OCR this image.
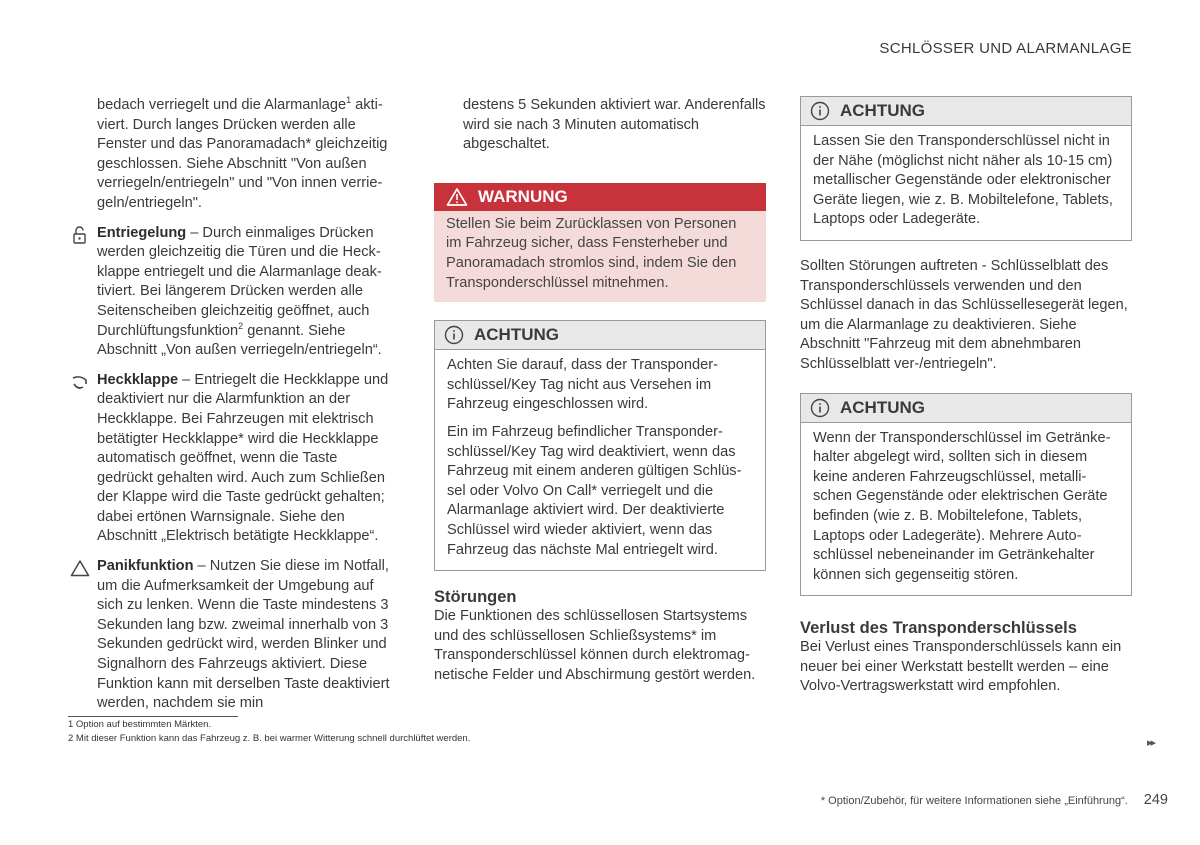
SCHLÖSSER UND ALARMANLAGE

bedach verriegelt und die Alarmanlage$^1$ aktiviert. Durch langes Drücken werden alle Fenster und das Panoramadach* gleichzeitig geschlossen. Siehe Abschnitt "Von außen verriegeln/entriegeln" und "Von innen verriegeln/entriegeln".

Entriegelung – Durch einmaliges Drücken werden gleichzeitig die Türen und die Heckklappe entriegelt und die Alarmanlage deaktiviert. Bei längerem Drücken werden alle Seitenscheiben gleichzeitig geöffnet, auch Durchlüftungsfunktion$^2$ genannt. Siehe Abschnitt „Von außen verriegeln/entriegeln“.
Heckklappe – Entriegelt die Heckklappe und deaktiviert nur die Alarmfunktion an der Heckklappe. Bei Fahrzeugen mit elektrisch betätigter Heckklappe* wird die Heckklappe automatisch geöffnet, wenn die Taste gedrückt gehalten wird. Auch zum Schließen der Klappe wird die Taste gedrückt gehalten; dabei ertönen Warnsignale. Siehe den Abschnitt „Elektrisch betätigte Heckklappe“.
Panikfunktion – Nutzen Sie diese im Notfall, um die Aufmerksamkeit der Umgebung auf sich zu lenken. Wenn die Taste mindestens 3 Sekunden lang bzw. zweimal innerhalb von 3 Sekunden gedrückt wird, werden Blinker und Signalhorn des Fahrzeugs aktiviert. Diese Funktion kann mit derselben Taste deaktiviert werden, nachdem sie min

destens 5 Sekunden aktiviert war. Anderenfalls wird sie nach 3 Minuten automatisch abgeschaltet.

WARNUNG
Stellen Sie beim Zurücklassen von Personen im Fahrzeug sicher, dass Fensterheber und Panoramadach stromlos sind, indem Sie den Transponderschlüssel mitnehmen.
ACHTUNG

Achten Sie darauf, dass der Transponderschlüssel/Key Tag nicht aus Versehen im Fahrzeug eingeschlossen wird.

Ein im Fahrzeug befindlicher Transponderschlüssel/Key Tag wird deaktiviert, wenn das Fahrzeug mit einem anderen gültigen Schlüssel oder Volvo On Call* verriegelt und die Alarmanlage aktiviert wird. Der deaktivierte Schlüssel wird wieder aktiviert, wenn das Fahrzeug das nächste Mal entriegelt wird.

Störungen

Die Funktionen des schlüssellosen Startsystems und des schlüssellosen Schließsystems* im Transponderschlüssel können durch elektromagnetische Felder und Abschirmung gestört werden.

ACHTUNG
Lassen Sie den Transponderschlüssel nicht in der Nähe (möglichst nicht näher als 10-15 cm) metallischer Gegenstände oder elektronischer Geräte liegen, wie z. B. Mobiltelefone, Tablets, Laptops oder Ladegeräte.

Sollten Störungen auftreten - Schlüsselblatt des Transponderschlüssels verwenden und den Schlüssel danach in das Schlüssellesegerät legen, um die Alarmanlage zu deaktivieren. Siehe Abschnitt "Fahrzeug mit dem abnehmbaren Schlüsselblatt ver-/entriegeln".

ACHTUNG
Wenn der Transponderschlüssel im Getränkehalter abgelegt wird, sollten sich in diesem keine anderen Fahrzeugschlüssel, metallischen Gegenstände oder elektrischen Geräte befinden (wie z. B. Mobiltelefone, Tablets, Laptops oder Ladegeräte). Mehrere Autoschlüssel nebeneinander im Getränkehalter können sich gegenseitig stören.
Verlust des Transponderschlüssels

Bei Verlust eines Transponderschlüssels kann ein neuer bei einer Werkstatt bestellt werden – eine Volvo-Vertragswerkstatt wird empfohlen.

1 Option auf bestimmten Märkten.
2 Mit dieser Funktion kann das Fahrzeug z. B. bei warmer Witterung schnell durchlüftet werden.	▸▸
* Option/Zubehör, für weitere Informationen siehe „Einführung“. 249
